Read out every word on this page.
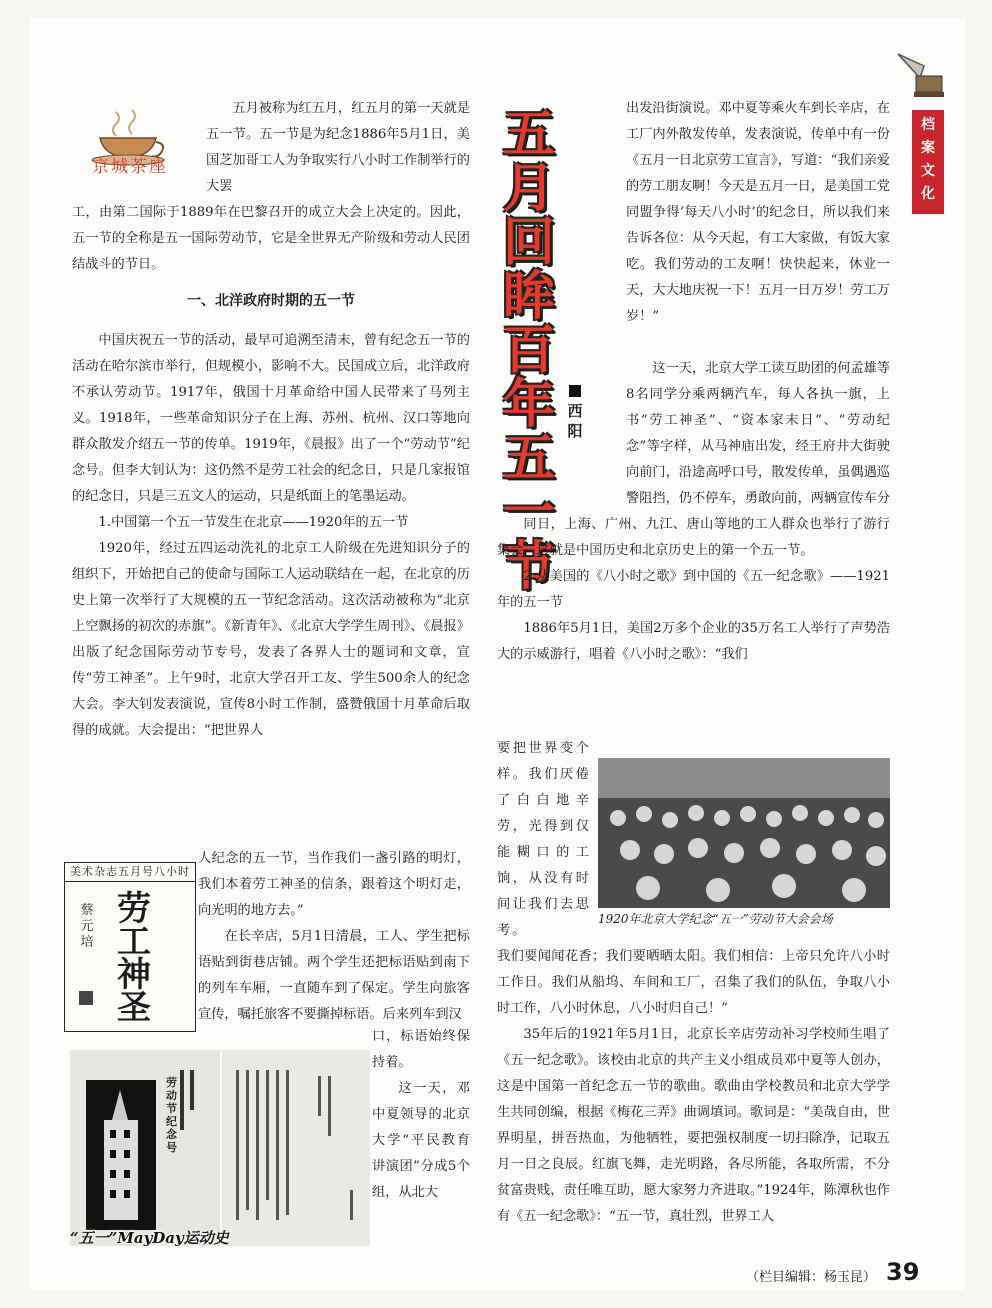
档
案
文
化
京城茶座
五
月
回
眸
百
年
五
一
节
西
阳

五月被称为红五月，红五月的第一天就是五一节。五一节是为纪念1886年5月1日，美国芝加哥工人为争取实行八小时工作制举行的大罢

工，由第二国际于1889年在巴黎召开的成立大会上决定的。因此，五一节的全称是五一国际劳动节，它是全世界无产阶级和劳动人民团结战斗的节日。

一、北洋政府时期的五一节

中国庆祝五一节的活动，最早可追溯至清末，曾有纪念五一节的活动在哈尔滨市举行，但规模小，影响不大。民国成立后，北洋政府不承认劳动节。1917年，俄国十月革命给中国人民带来了马列主义。1918年，一些革命知识分子在上海、苏州、杭州、汉口等地向群众散发介绍五一节的传单。1919年，《晨报》出了一个“劳动节”纪念号。但李大钊认为：这仍然不是劳工社会的纪念日，只是几家报馆的纪念日，只是三五文人的运动，只是纸面上的笔墨运动。

1.中国第一个五一节发生在北京——1920年的五一节

1920年，经过五四运动洗礼的北京工人阶级在先进知识分子的组织下，开始把自己的使命与国际工人运动联结在一起，在北京的历史上第一次举行了大规模的五一节纪念活动。这次活动被称为“北京上空飘扬的初次的赤旗”。《新青年》、《北京大学学生周刊》、《晨报》出版了纪念国际劳动节专号，发表了各界人士的题词和文章，宣传“劳工神圣”。上午9时，北京大学召开工友、学生500余人的纪念大会。李大钊发表演说，宣传8小时工作制，盛赞俄国十月革命后取得的成就。大会提出：“把世界人

人纪念的五一节，当作我们一盏引路的明灯，我们本着劳工神圣的信条，跟着这个明灯走，向光明的地方去。”

在长辛店，5月1日清晨，工人、学生把标语贴到街巷店铺。两个学生还把标语贴到南下的列车车厢，一直随车到了保定。学生向旅客宣传，嘱托旅客不要撕掉标语。后来列车到汉

口，标语始终保持着。

这一天，邓中夏领导的北京大学“平民教育讲演团”分成5个组，从北大

美术杂志五月号八小时
蔡
元
培
劳
工
神
圣
劳动节纪念号
“五一”MayDay运动史

出发沿街演说。邓中夏等乘火车到长辛店，在工厂内外散发传单，发表演说，传单中有一份《五月一日北京劳工宣言》，写道：“我们亲爱的劳工朋友啊！今天是五月一日，是美国工党同盟争得‘每天八小时’的纪念日，所以我们来告诉各位：从今天起，有工大家做，有饭大家吃。我们劳动的工友啊！快快起来，休业一天，大大地庆祝一下！五月一日万岁！劳工万岁！”

这一天，北京大学工读互助团的何孟雄等8名同学分乘两辆汽车，每人各执一旗，上书“劳工神圣”、“资本家末日”、“劳动纪念”等字样，从马神庙出发，经王府井大街驶向前门，沿途高呼口号，散发传单，虽偶遇巡警阻挡，仍不停车，勇敢向前，两辆宣传车分

同日，上海、广州、九江、唐山等地的工人群众也举行了游行集会，这就是中国历史和北京历史上的第一个五一节。

2.从美国的《八小时之歌》到中国的《五一纪念歌》——1921年的五一节

1886年5月1日，美国2万多个企业的35万名工人举行了声势浩大的示威游行，唱着《八小时之歌》：“我们

要把世界变个样。我们厌倦了白白地辛劳，光得到仅能糊口的工饷，从没有时间让我们去思考。

1920年北京大学纪念“五一”劳动节大会会场

我们要闻闻花香；我们要晒晒太阳。我们相信：上帝只允许八小时工作日。我们从船坞、车间和工厂，召集了我们的队伍，争取八小时工作，八小时休息，八小时归自己！”

35年后的1921年5月1日，北京长辛店劳动补习学校师生唱了《五一纪念歌》。该校由北京的共产主义小组成员邓中夏等人创办，这是中国第一首纪念五一节的歌曲。歌曲由学校教员和北京大学学生共同创编，根据《梅花三弄》曲调填词。歌词是：“美哉自由，世界明星，拼吾热血，为他牺牲，要把强权制度一切扫除净，记取五月一日之良辰。红旗飞舞，走光明路，各尽所能，各取所需，不分贫富贵贱，责任唯互助，愿大家努力齐进取。”1924年，陈潭秋也作有《五一纪念歌》：“五一节，真壮烈，世界工人

（栏目编辑：杨玉昆） 39
